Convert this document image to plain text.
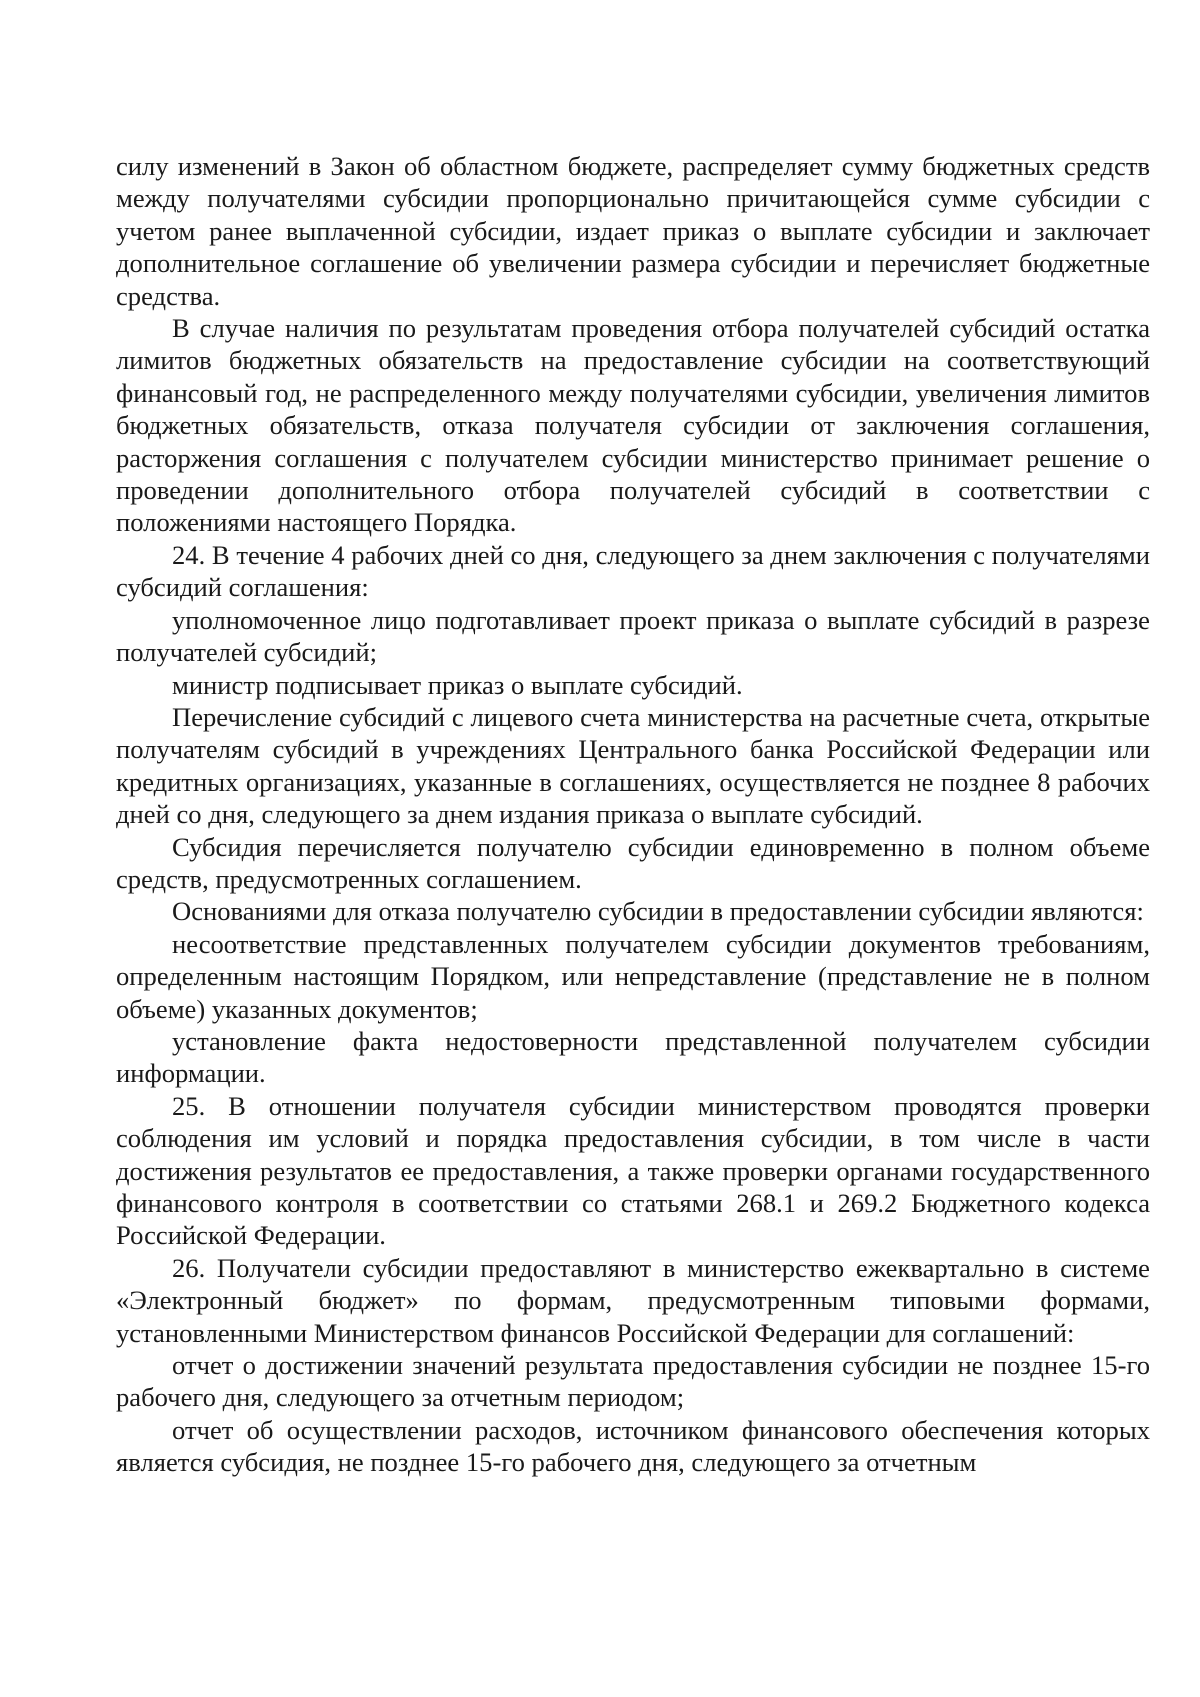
силу изменений в Закон об областном бюджете, распределяет сумму бюджетных средств между получателями субсидии пропорционально причитающейся сумме субсидии с учетом ранее выплаченной субсидии, издает приказ о выплате субсидии и заключает дополнительное соглашение об увеличении размера субсидии и перечисляет бюджетные средства.

В случае наличия по результатам проведения отбора получателей субсидий остатка лимитов бюджетных обязательств на предоставление субсидии на соответствующий финансовый год, не распределенного между получателями субсидии, увеличения лимитов бюджетных обязательств, отказа получателя субсидии от заключения соглашения, расторжения соглашения с получателем субсидии министерство принимает решение о проведении дополнительного отбора получателей субсидий в соответствии с положениями настоящего Порядка.

24. В течение 4 рабочих дней со дня, следующего за днем заключения с получателями субсидий соглашения:

уполномоченное лицо подготавливает проект приказа о выплате субсидий в разрезе получателей субсидий;

министр подписывает приказ о выплате субсидий.

Перечисление субсидий с лицевого счета министерства на расчетные счета, открытые получателям субсидий в учреждениях Центрального банка Российской Федерации или кредитных организациях, указанные в соглашениях, осуществляется не позднее 8 рабочих дней со дня, следующего за днем издания приказа о выплате субсидий.

Субсидия перечисляется получателю субсидии единовременно в полном объеме средств, предусмотренных соглашением.

Основаниями для отказа получателю субсидии в предоставлении субсидии являются:

несоответствие представленных получателем субсидии документов требованиям, определенным настоящим Порядком, или непредставление (представление не в полном объеме) указанных документов;

установление факта недостоверности представленной получателем субсидии информации.

25. В отношении получателя субсидии министерством проводятся проверки соблюдения им условий и порядка предоставления субсидии, в том числе в части достижения результатов ее предоставления, а также проверки органами государственного финансового контроля в соответствии со статьями 268.1 и 269.2 Бюджетного кодекса Российской Федерации.

26. Получатели субсидии предоставляют в министерство ежеквартально в системе «Электронный бюджет» по формам, предусмотренным типовыми формами, установленными Министерством финансов Российской Федерации для соглашений:

отчет о достижении значений результата предоставления субсидии не позднее 15-го рабочего дня, следующего за отчетным периодом;

отчет об осуществлении расходов, источником финансового обеспечения которых является субсидия, не позднее 15-го рабочего дня, следующего за отчетным
